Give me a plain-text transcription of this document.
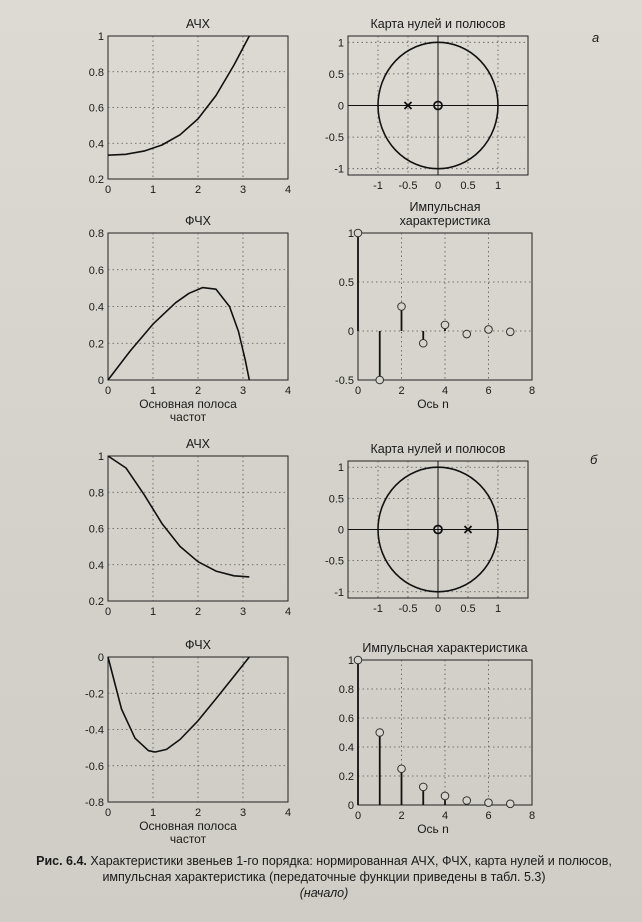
а
б
0	1	2	3	4
0.2
0.4
0.6
0.8
1
АЧХ
-1 -0.5 0 0.5 1
-1
-0.5
0
0.5
1
Карта нулей и полюсов
0	1	2	3	4
0
0.2
0.4
0.6
0.8
ФЧХ
Основная полоса
частот
0	2	4	6	8
-0.5
0
0.5
1
Импульсная
характеристика
Ось n
0	1	2	3	4
0.2
0.4
0.6
0.8
1
АЧХ
-1 -0.5 0 0.5 1
-1
-0.5
0
0.5
1
Карта нулей и полюсов
0	1	2	3	4
-0.8
-0.6
-0.4
-0.2
0
ФЧХ
Основная полоса
частот
0	2	4	6	8
0
0.2
0.4
0.6
0.8
1
Импульсная характеристика
Ось n
Рис. 6.4. Характеристики звеньев 1-го порядка: нормированная АЧХ, ФЧХ, карта нулей и полюсов, импульсная характеристика (передаточные функции приведены в табл. 5.3)
(начало)
